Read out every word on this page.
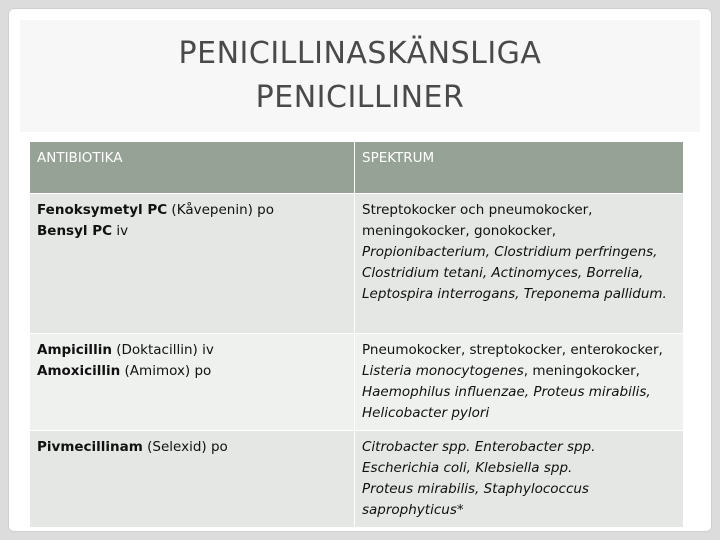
PENICILLINASKÄNSLIGA
PENICILLINER
ANTIBIOTIKA	SPEKTRUM

Fenoksymetyl PC (Kåvepenin) po
Bensyl PC iv	Streptokocker och pneumokocker, meningokocker, gonokocker, Propionibacterium, Clostridium perfringens, Clostridium tetani, Actinomyces, Borrelia, Leptospira interrogans, Treponema pallidum.

Ampicillin (Doktacillin) iv
Amoxicillin (Amimox) po	Pneumokocker, streptokocker, enterokocker, Listeria monocytogenes, meningokocker, Haemophilus influenzae, Proteus mirabilis, Helicobacter pylori

Pivmecillinam (Selexid) po	Citrobacter spp. Enterobacter spp.
Escherichia coli, Klebsiella spp.
Proteus mirabilis, Staphylococcus saprophyticus*
